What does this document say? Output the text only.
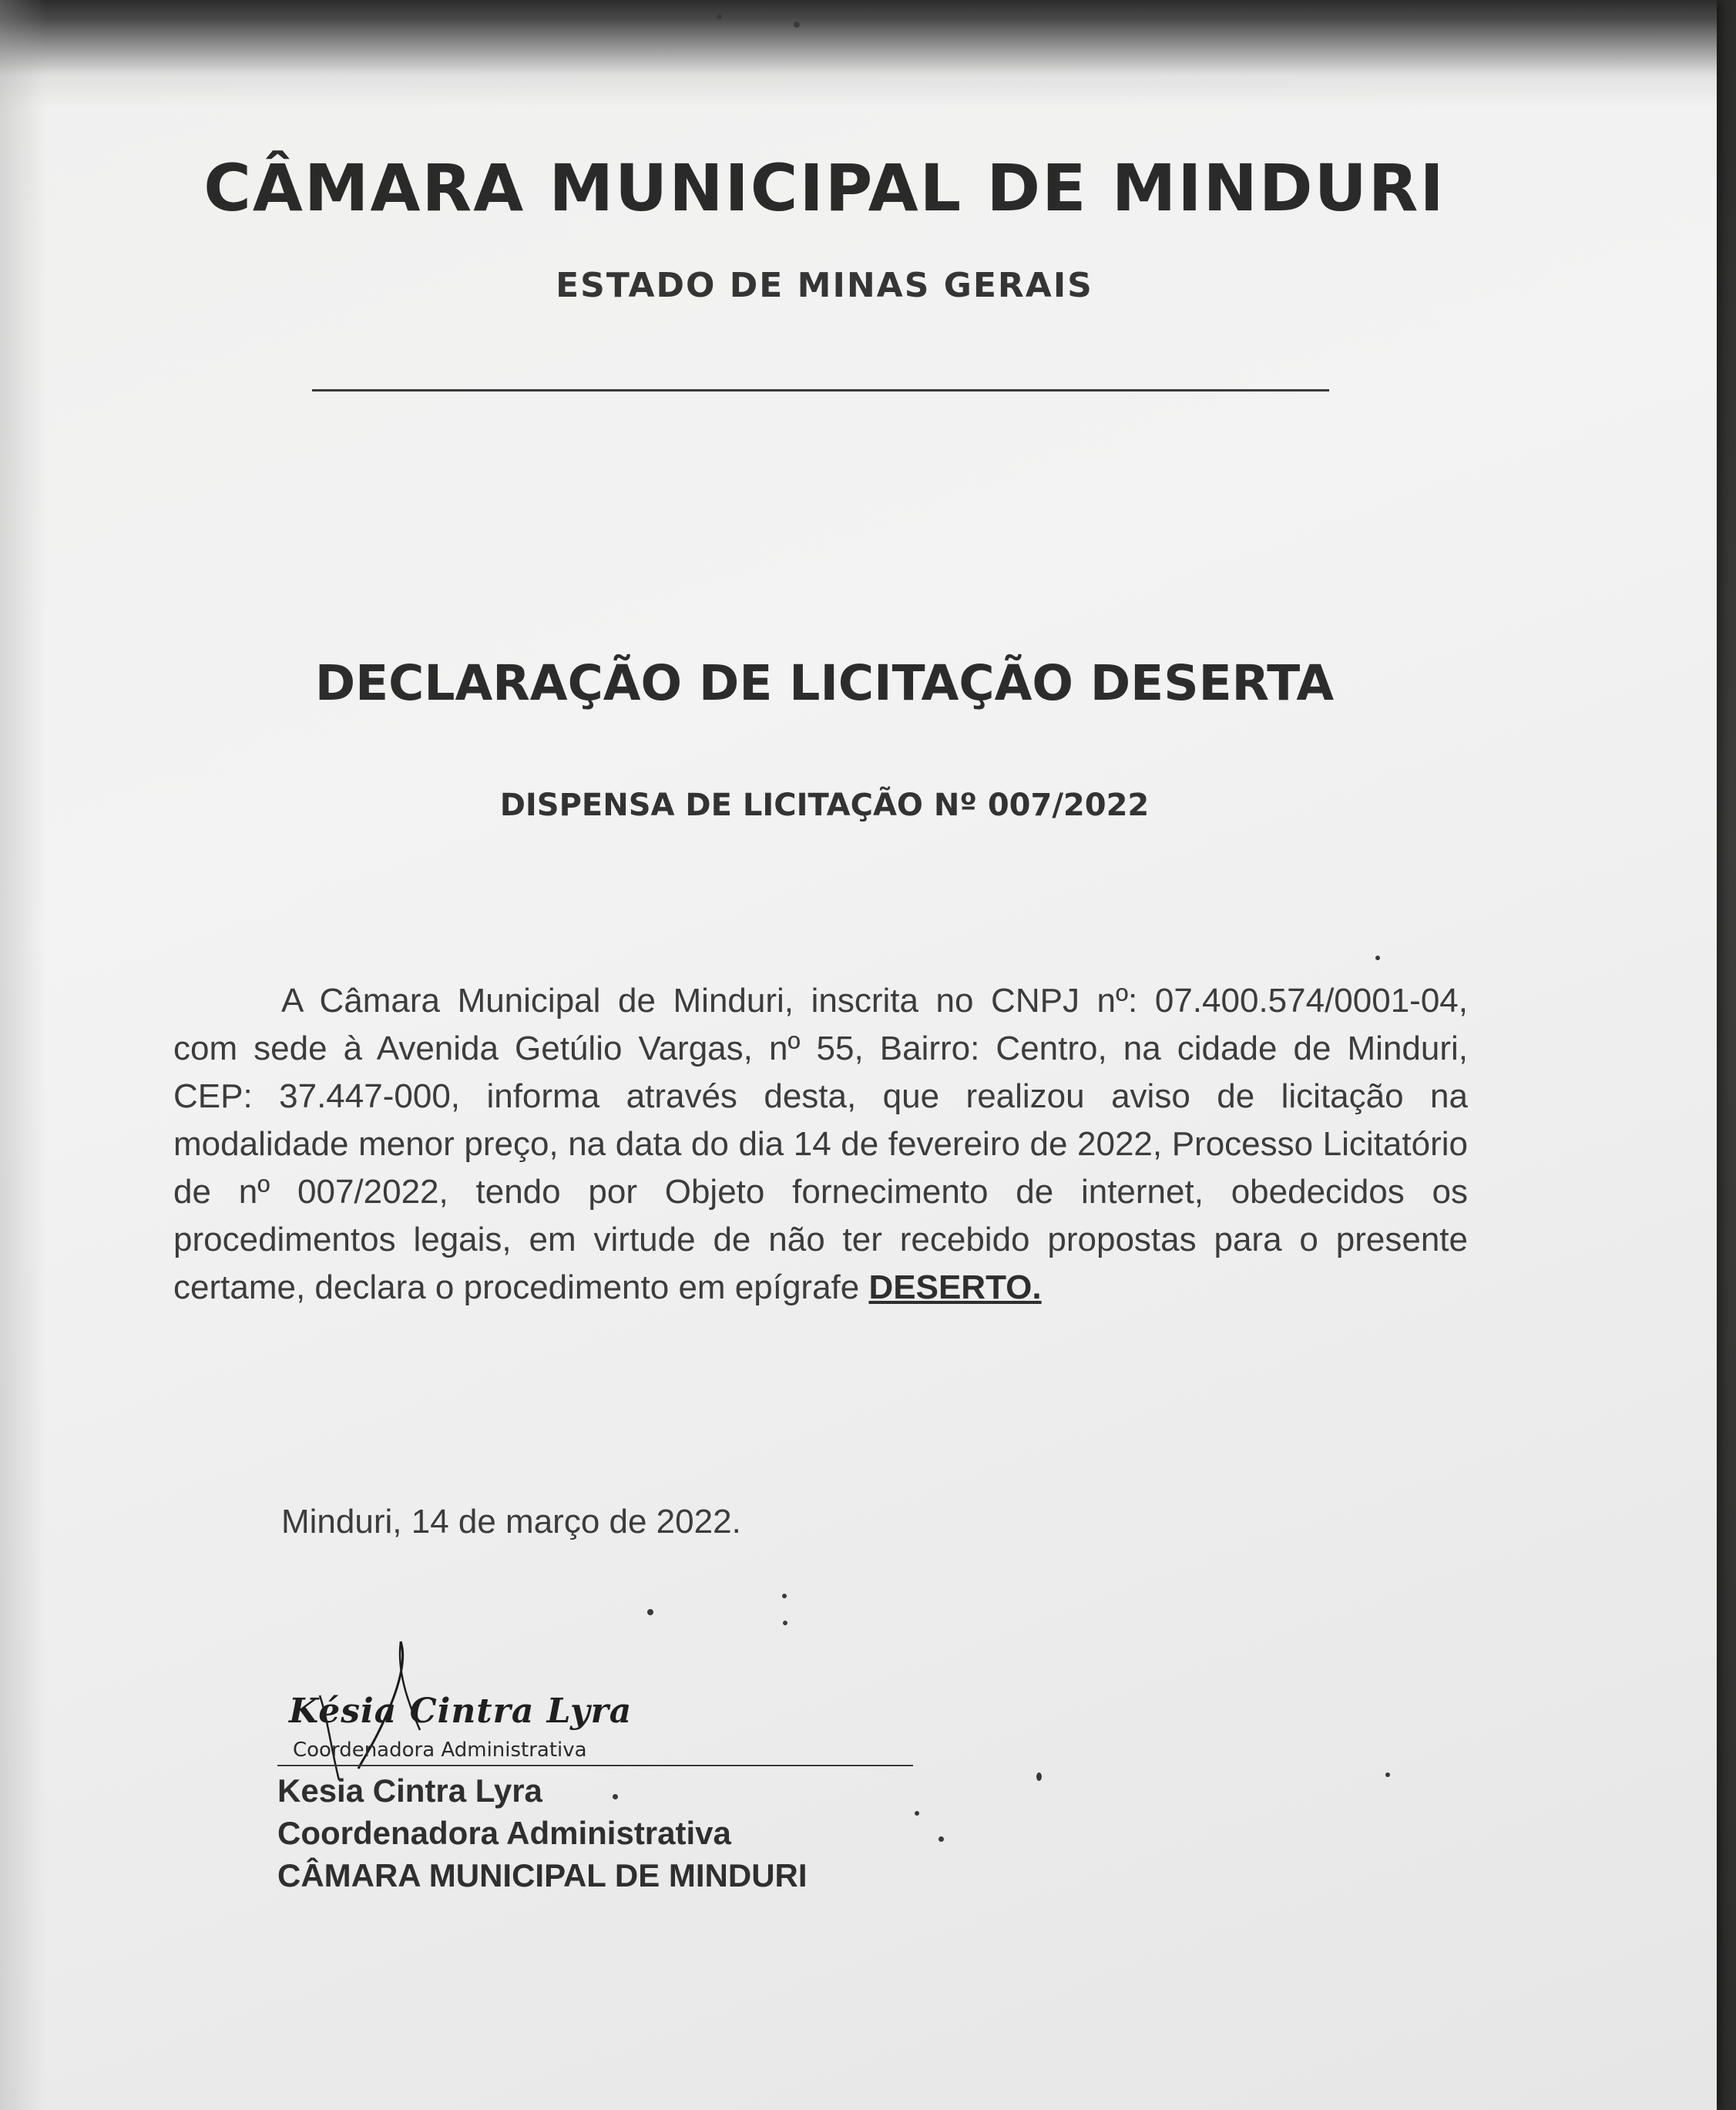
CÂMARA MUNICIPAL DE MINDURI
ESTADO DE MINAS GERAIS
DECLARAÇÃO DE LICITAÇÃO DESERTA
DISPENSA DE LICITAÇÃO Nº 007/2022

A Câmara Municipal de Minduri, inscrita no CNPJ nº: 07.400.574/0001-04, com sede à Avenida Getúlio Vargas, nº 55, Bairro: Centro, na cidade de Minduri, CEP: 37.447-000, informa através desta, que realizou aviso de licitação na modalidade menor preço, na data do dia 14 de fevereiro de 2022, Processo Licitatório de nº 007/2022, tendo por Objeto fornecimento de internet, obedecidos os procedimentos legais, em virtude de não ter recebido propostas para o presente certame, declara o procedimento em epígrafe DESERTO.

Minduri, 14 de março de 2022.
Késia Cintra Lyra
Coordenadora Administrativa
Kesia Cintra Lyra
Coordenadora Administrativa
CÂMARA MUNICIPAL DE MINDURI
